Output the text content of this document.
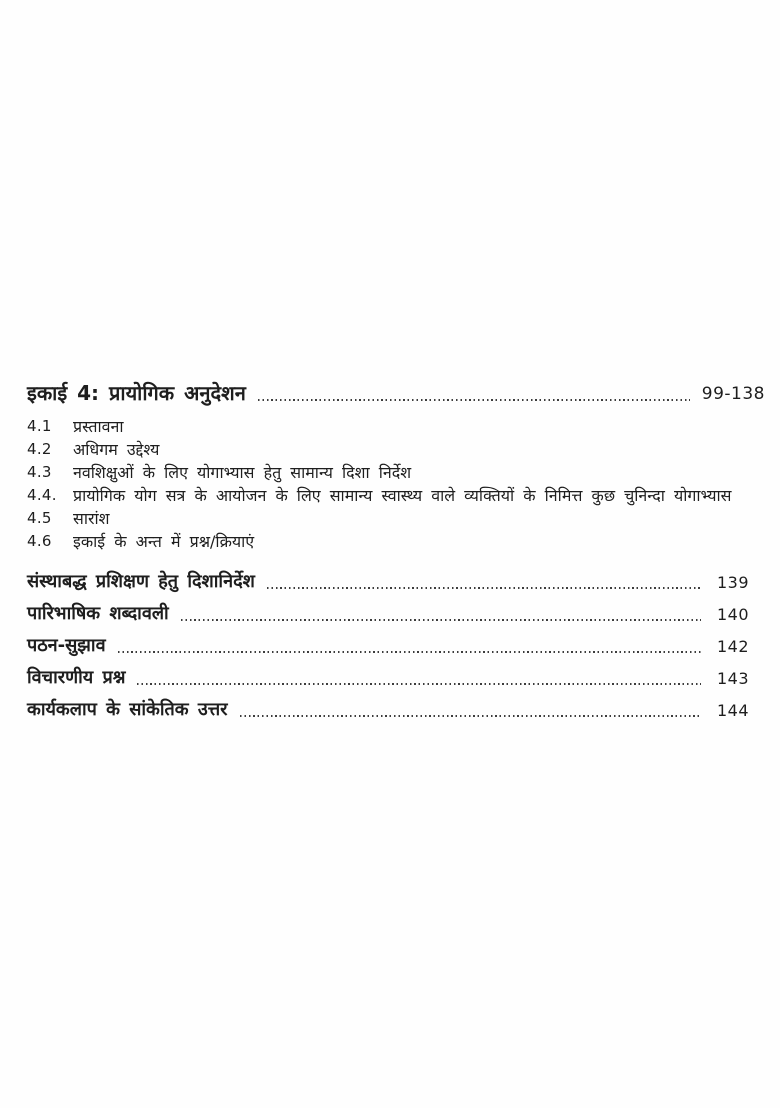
इकाई 4: प्रायोगिक अनुदेशन	99-138
4.1	प्रस्तावना
4.2	अधिगम उद्देश्य
4.3	नवशिक्षुओं के लिए योगाभ्यास हेतु सामान्य दिशा निर्देश
4.4.	प्रायोगिक योग सत्र के आयोजन के लिए सामान्य स्वास्थ्य वाले व्यक्तियों के निमित्त कुछ चुनिन्दा योगाभ्यास
4.5	सारांश
4.6	इकाई के अन्त में प्रश्न/क्रियाएं
संस्थाबद्ध प्रशिक्षण हेतु दिशानिर्देश	139
पारिभाषिक शब्दावली	140
पठन-सुझाव	142
विचारणीय प्रश्न	143
कार्यकलाप के सांकेतिक उत्तर	144
